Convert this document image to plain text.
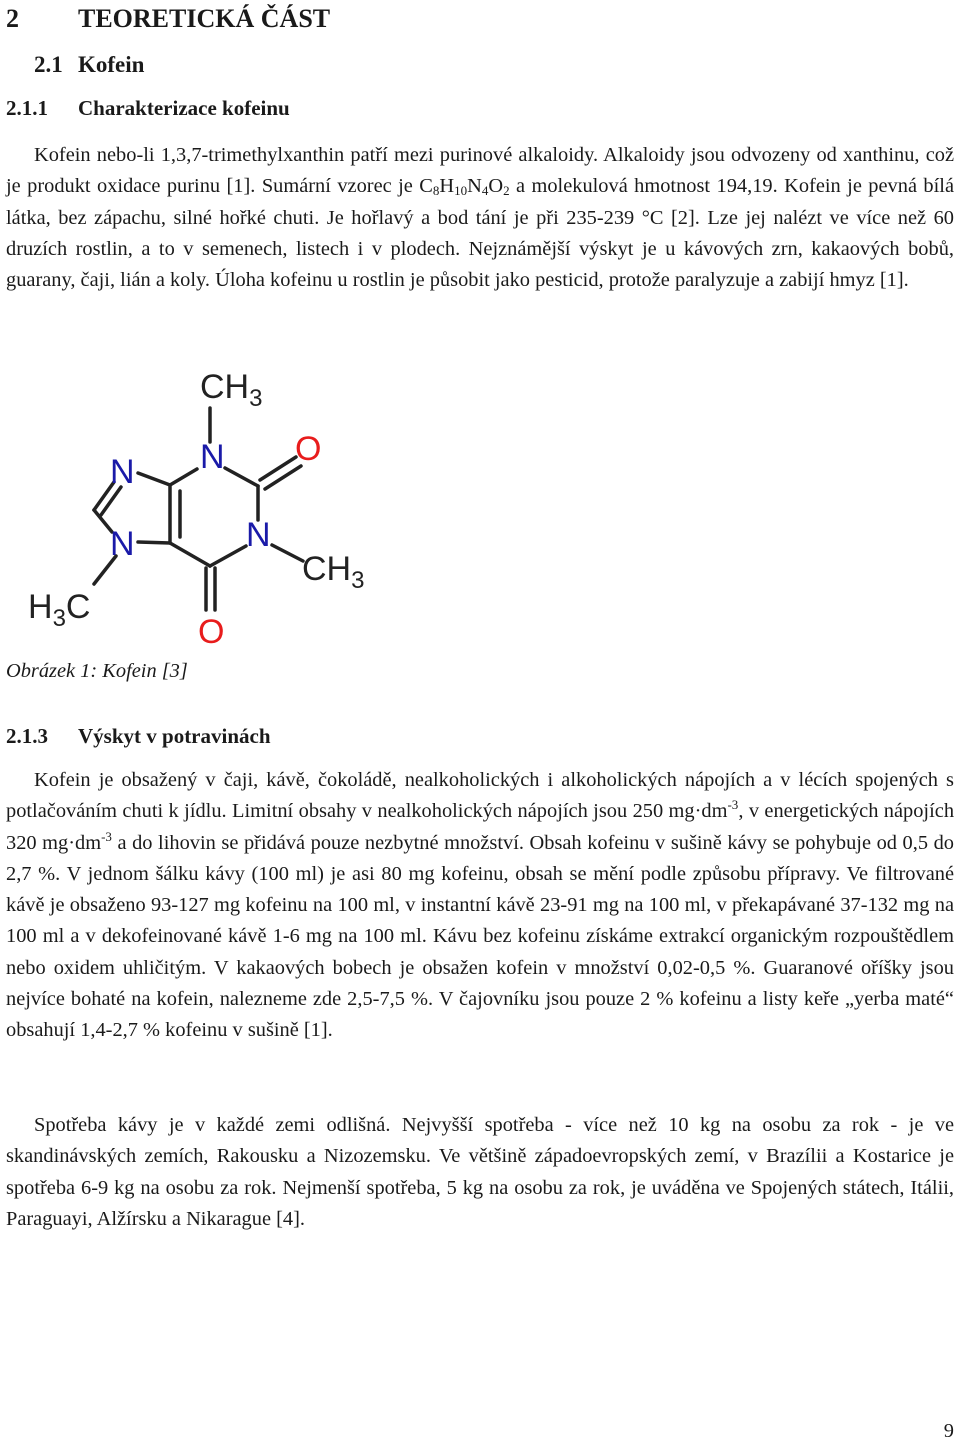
2 TEORETICKÁ ČÁST
2.1 Kofein
2.1.1 Charakterizace kofeinu

Kofein nebo-li 1,3,7-trimethylxanthin patří mezi purinové alkaloidy. Alkaloidy jsou odvozeny od xanthinu, což je produkt oxidace purinu [1]. Sumární vzorec je $C_8H_{10}N_4O_2$ a molekulová hmotnost 194,19. Kofein je pevná bílá látka, bez zápachu, silné hořké chuti. Je hořlavý a bod tání je při 235-239 °C [2]. Lze jej nalézt ve více než 60 druzích rostlin, a to v semenech, listech i v plodech. Nejznámější výskyt je u kávových zrn, kakaových bobů, guarany, čaji, lián a koly. Úloha kofeinu u rostlin je působit jako pesticid, protože paralyzuje a zabijí hmyz [1].

$CH_3$
N O
N
N	N
$CH_3$
$H_3C$
O
Obrázek 1: Kofein [3]
2.1.3 Výskyt v potravinách

Kofein je obsažený v čaji, kávě, čokoládě, nealkoholických i alkoholických nápojích a v lécích spojených s potlačováním chuti k jídlu. Limitní obsahy v nealkoholických nápojích jsou 250 $mg\cdot dm^{-3}$, v energetických nápojích 320 $mg\cdot dm^{-3}$ a do lihovin se přidává pouze nezbytné množství. Obsah kofeinu v sušině kávy se pohybuje od 0,5 do 2,7 %. V jednom šálku kávy (100 ml) je asi 80 mg kofeinu, obsah se mění podle způsobu přípravy. Ve filtrované kávě je obsaženo 93-127 mg kofeinu na 100 ml, v instantní kávě 23-91 mg na 100 ml, v překapávané 37-132 mg na 100 ml a v dekofeinované kávě 1-6 mg na 100 ml. Kávu bez kofeinu získáme extrakcí organickým rozpouštědlem nebo oxidem uhličitým. V kakaových bobech je obsažen kofein v množství 0,02-0,5 %. Guaranové oříšky jsou nejvíce bohaté na kofein, nalezneme zde 2,5-7,5 %. V čajovníku jsou pouze 2 % kofeinu a listy keře „yerba maté“ obsahují 1,4-2,7 % kofeinu v sušině [1].

Spotřeba kávy je v každé zemi odlišná. Nejvyšší spotřeba - více než 10 kg na osobu za rok - je ve skandinávských zemích, Rakousku a Nizozemsku. Ve většině západoevropských zemí, v Brazílii a Kostarice je spotřeba 6-9 kg na osobu za rok. Nejmenší spotřeba, 5 kg na osobu za rok, je uváděna ve Spojených státech, Itálii, Paraguayi, Alžírsku a Nikarague [4].

9
